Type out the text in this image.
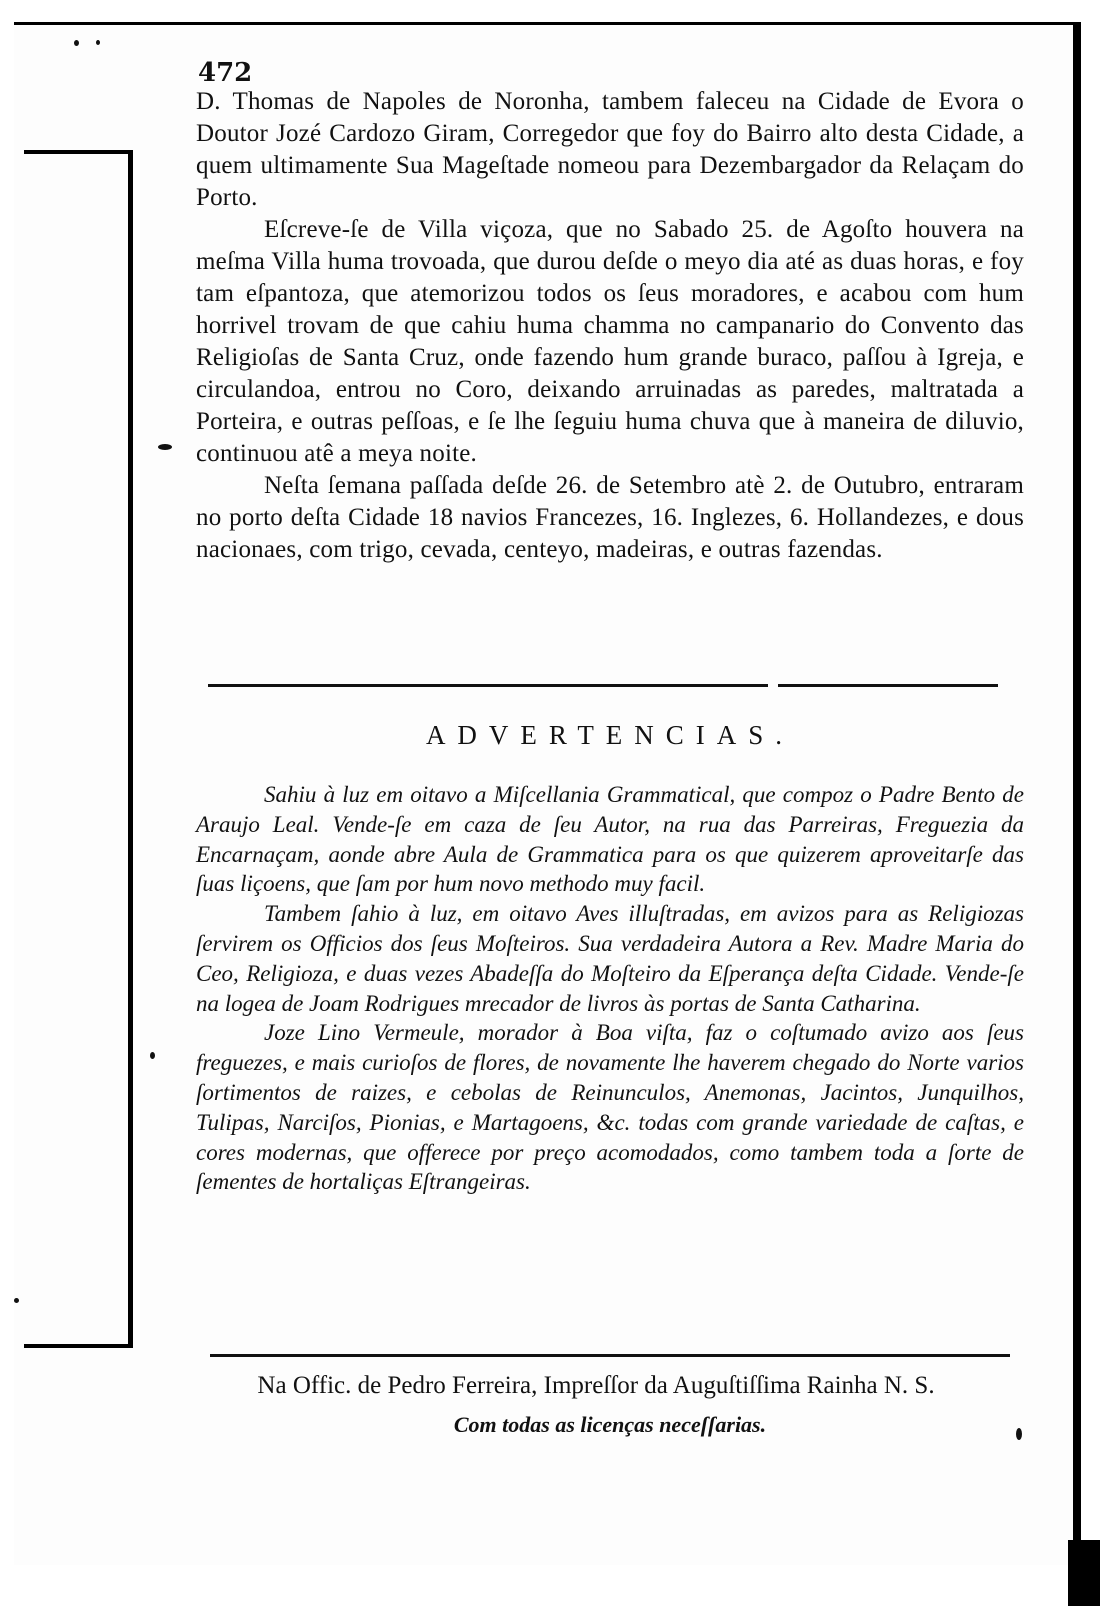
472

D. Thomas de Napoles de Noronha, tambem faleceu na Cidade de Evora o Doutor Jozé Cardozo Giram, Corregedor que foy do Bairro alto desta Cidade, a quem ultimamente Sua Mageſtade nomeou para Dezembargador da Relaçam do Porto.

Eſcreve-ſe de Villa viçoza, que no Sabado 25. de Agoſto houvera na meſma Villa huma trovoada, que durou deſde o meyo dia até as duas horas, e foy tam eſpantoza, que atemorizou todos os ſeus moradores, e acabou com hum horrivel trovam de que cahiu huma chamma no campanario do Convento das Religioſas de Santa Cruz, onde fazendo hum grande buraco, paſſou à Igreja, e circulandoa, entrou no Coro, deixando arruinadas as paredes, maltratada a Porteira, e outras peſſoas, e ſe lhe ſeguiu huma chuva que à maneira de diluvio, continuou atê a meya noite.

Neſta ſemana paſſada deſde 26. de Setembro atè 2. de Outubro, entraram no porto deſta Cidade 18 navios Francezes, 16. Inglezes, 6. Hollandezes, e dous nacionaes, com trigo, cevada, centeyo, madeiras, e outras fazendas.

ADVERTENCIAS.

Sahiu à luz em oitavo a Miſcellania Grammatical, que compoz o Padre Bento de Araujo Leal. Vende-ſe em caza de ſeu Autor, na rua das Parreiras, Freguezia da Encarnaçam, aonde abre Aula de Grammatica para os que quizerem aproveitarſe das ſuas liçoens, que ſam por hum novo methodo muy facil.

Tambem ſahio à luz, em oitavo Aves illuſtradas, em avizos para as Religiozas ſervirem os Officios dos ſeus Moſteiros. Sua verdadeira Autora a Rev. Madre Maria do Ceo, Religioza, e duas vezes Abadeſſa do Moſteiro da Eſperança deſta Cidade. Vende-ſe na logea de Joam Rodrigues mrecador de livros às portas de Santa Catharina.

Joze Lino Vermeule, morador à Boa viſta, faz o coſtumado avizo aos ſeus freguezes, e mais curioſos de flores, de novamente lhe haverem chegado do Norte varios ſortimentos de raizes, e cebolas de Reinunculos, Anemonas, Jacintos, Junquilhos, Tulipas, Narciſos, Pionias, e Martagoens, &c. todas com grande variedade de caſtas, e cores modernas, que offerece por preço acomodados, como tambem toda a ſorte de ſementes de hortaliças Eſtrangeiras.

Na Offic. de Pedro Ferreira, Impreſſor da Auguſtiſſima Rainha N. S.
Com todas as licenças neceſſarias.
